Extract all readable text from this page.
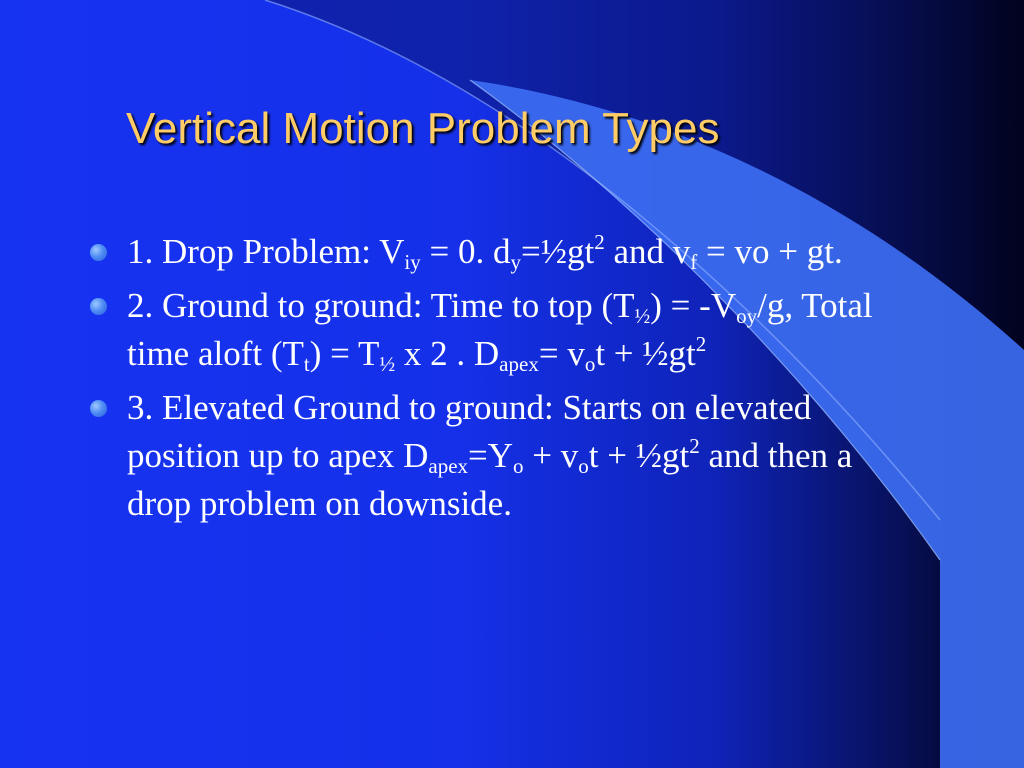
Vertical Motion Problem Types
1. Drop Problem: $V_{iy} = 0$. $d_y=\frac{1}{2}gt^2$ and $v_f$ = vo + gt.
2. Ground to ground: Time to top $(T_{\frac{1}{2}}) = -V_{oy}/g$, Total time aloft $(T_t) = T_{\frac{1}{2}}$ x 2 . $D_{apex}= v_ot$ + $\frac{1}{2}gt^2$
3. Elevated Ground to ground: Starts on elevated position up to apex $D_{apex}=Y_o + v_ot$ + $\frac{1}{2}gt^2$ and then a drop problem on downside.
